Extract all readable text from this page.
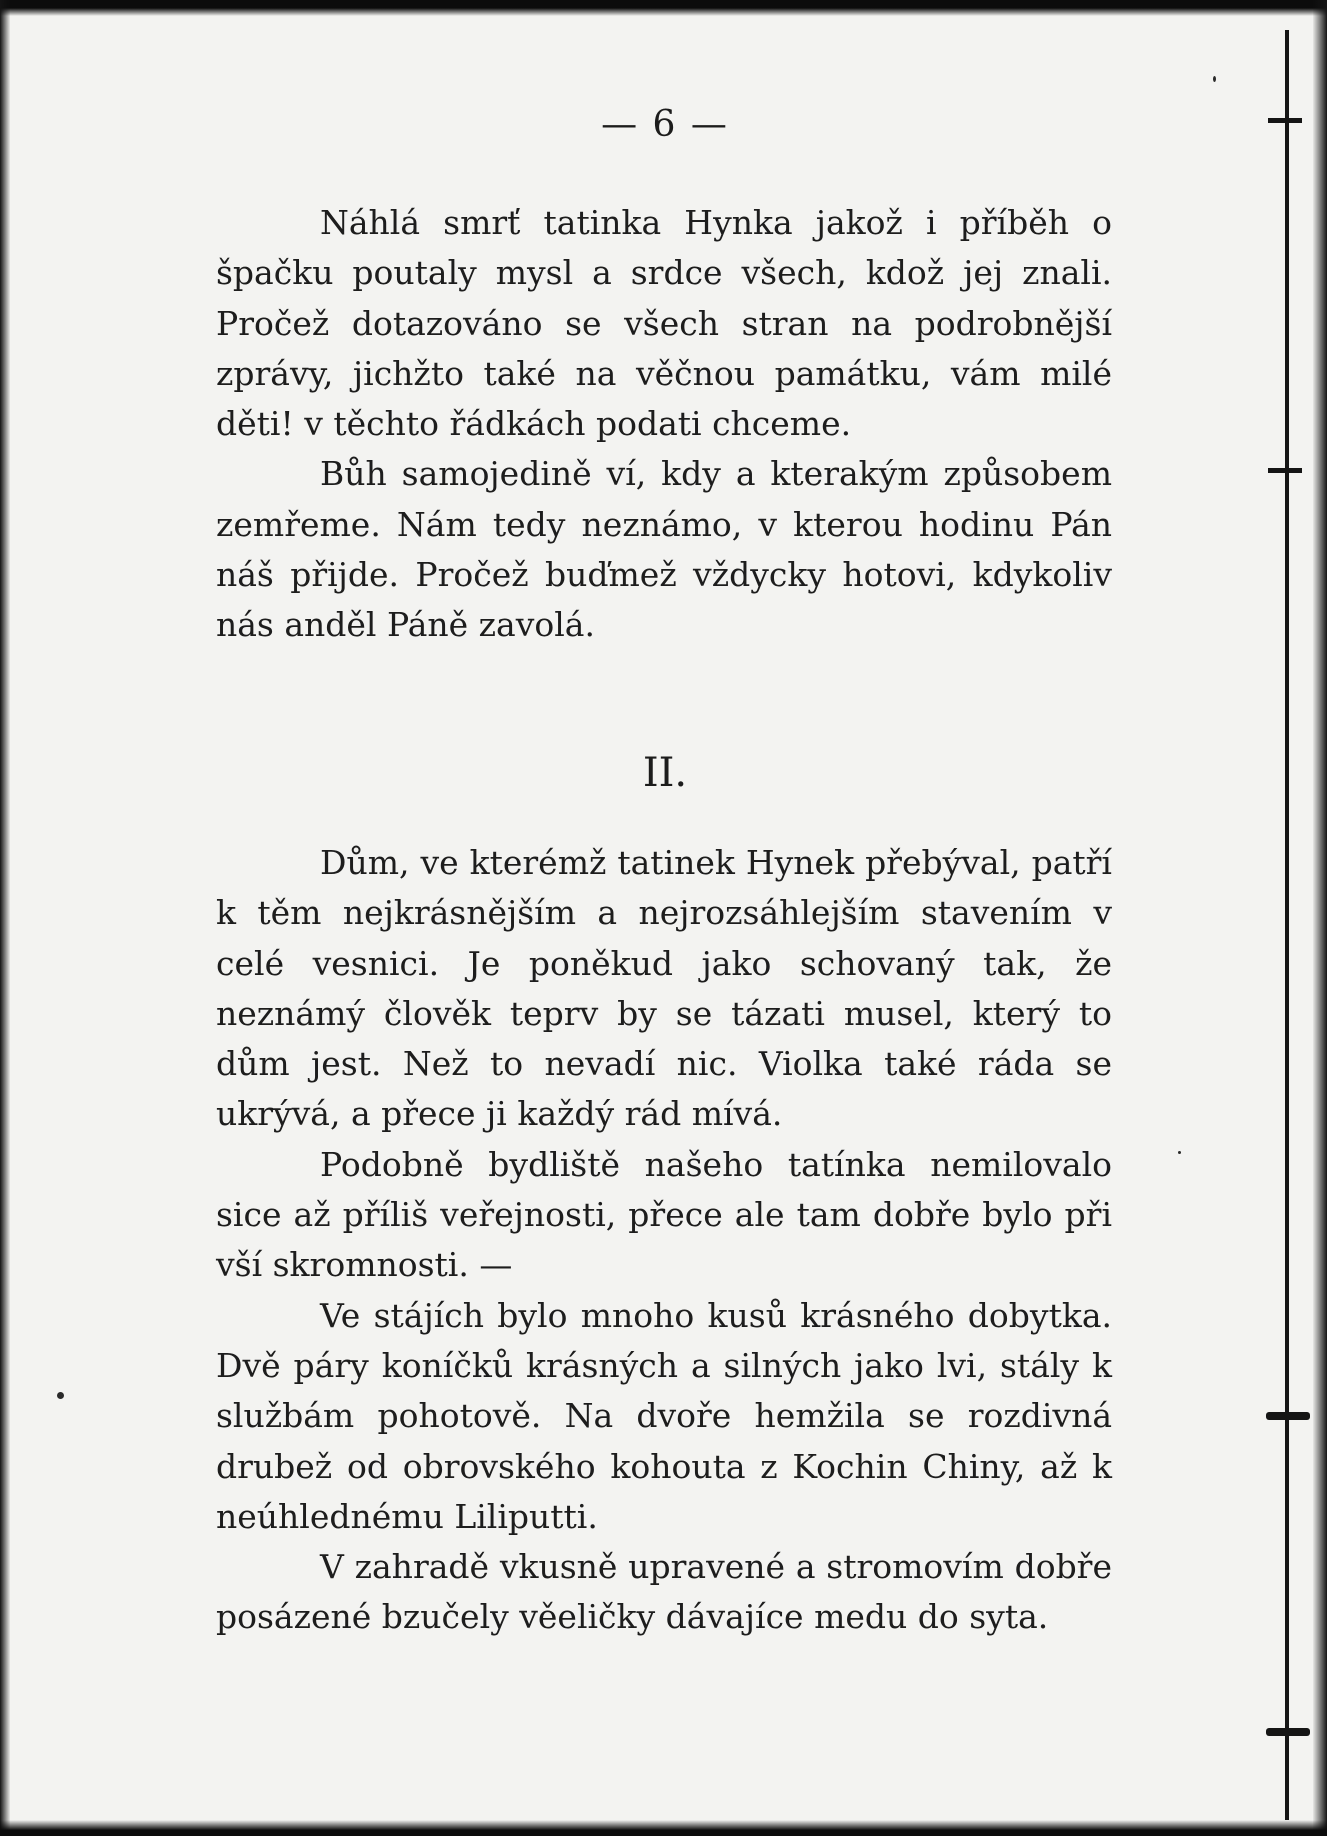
— 6 —

Náhlá smrť tatinka Hynka jakož i příběh o špačku poutaly mysl a srdce všech, kdož jej znali. Pročež dotazováno se všech stran na podrobnější zprávy, jichžto také na věčnou památku, vám milé děti! v těchto řádkách podati chceme.

Bůh samojedině ví, kdy a kterakým způsobem zemřeme. Nám tedy neznámo, v kterou hodinu Pán náš přijde. Pročež buďmež vždycky hotovi, kdykoliv nás anděl Páně zavolá.

II.

Dům, ve kterémž tatinek Hynek přebýval, patří k těm nejkrásnějším a nejrozsáhlejším stavením v celé vesnici. Je poněkud jako schovaný tak, že neznámý člověk teprv by se tázati musel, který to dům jest. Než to nevadí nic. Violka také ráda se ukrývá, a přece ji každý rád mívá.

Podobně bydliště našeho tatínka nemilovalo sice až příliš veřejnosti, přece ale tam dobře bylo při vší skromnosti. —

Ve stájích bylo mnoho kusů krásného dobytka. Dvě páry koníčků krásných a silných jako lvi, stály k službám pohotově. Na dvoře hemžila se rozdivná drubež od obrovského kohouta z Kochin Chiny, až k neúhlednému Liliputti.

V zahradě vkusně upravené a stromovím dobře posázené bzučely věeličky dávajíce medu do syta.
